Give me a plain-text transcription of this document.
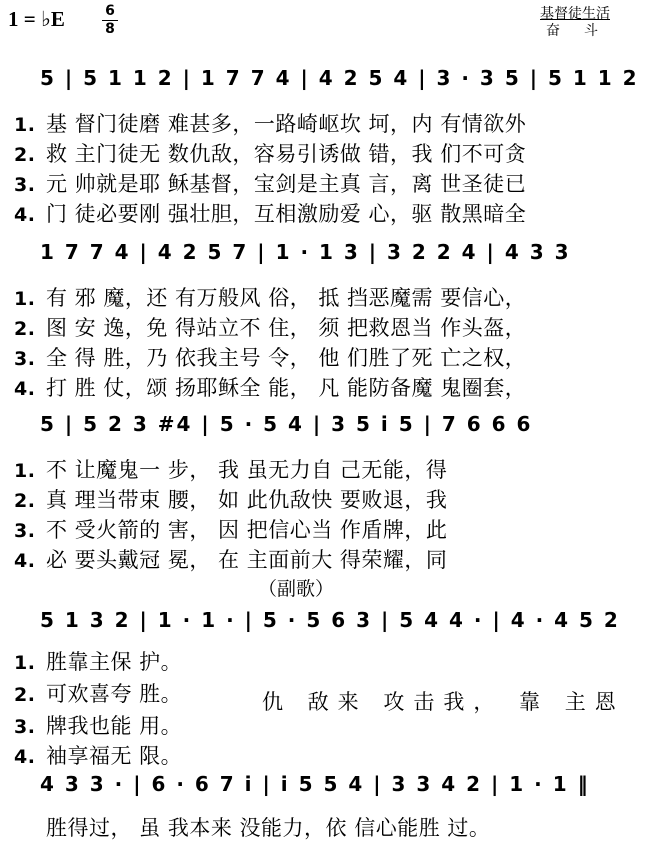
1 = ♭E	6
8
基督徒生活
奋斗
5 | 5 1 1 2 | 1 7 7 4 | 4 2 5 4 | 3 · 3 5 | 5 1 1 2
1. 基 督门徒磨 难甚多，一路崎岖坎 坷，内 有情欲外
2. 救 主门徒无 数仇敌，容易引诱做 错，我 们不可贪
3. 元 帅就是耶 稣基督，宝剑是主真 言，离 世圣徒已
4. 门 徒必要刚 强壮胆，互相激励爱 心，驱 散黑暗全
1 7 7 4 | 4 2 5 7 | 1 · 1 3 | 3 2 2 4 | 4 3 3
1. 有 邪 魔，还 有万般风 俗， 抵 挡恶魔需 要信心，
2. 图 安 逸，免 得站立不 住， 须 把救恩当 作头盔，
3. 全 得 胜，乃 依我主号 令， 他 们胜了死 亡之权，
4. 打 胜 仗，颂 扬耶稣全 能， 凡 能防备魔 鬼圈套，
5 | 5 2 3 #4 | 5 · 5 4 | 3 5 i 5 | 7 6 6 6
1. 不 让魔鬼一 步， 我 虽无力自 己无能，得
2. 真 理当带束 腰， 如 此仇敌快 要败退，我
3. 不 受火箭的 害， 因 把信心当 作盾牌，此
4. 必 要头戴冠 冕， 在 主面前大 得荣耀，同
（副歌）
5 1 3 2 | 1 · 1 · | 5 · 5 6 3 | 5 4 4 · | 4 · 4 5 2
1. 胜靠主保 护。
2. 可欢喜夸 胜。
3. 牌我也能 用。
4. 袖享福无 限。
仇 敌来 攻击我， 靠 主恩
4 3 3 · | 6 · 6 7 i | i 5 5 4 | 3 3 4 2 | 1 · 1 ‖
胜得过， 虽 我本来 没能力，依 信心能胜 过。
